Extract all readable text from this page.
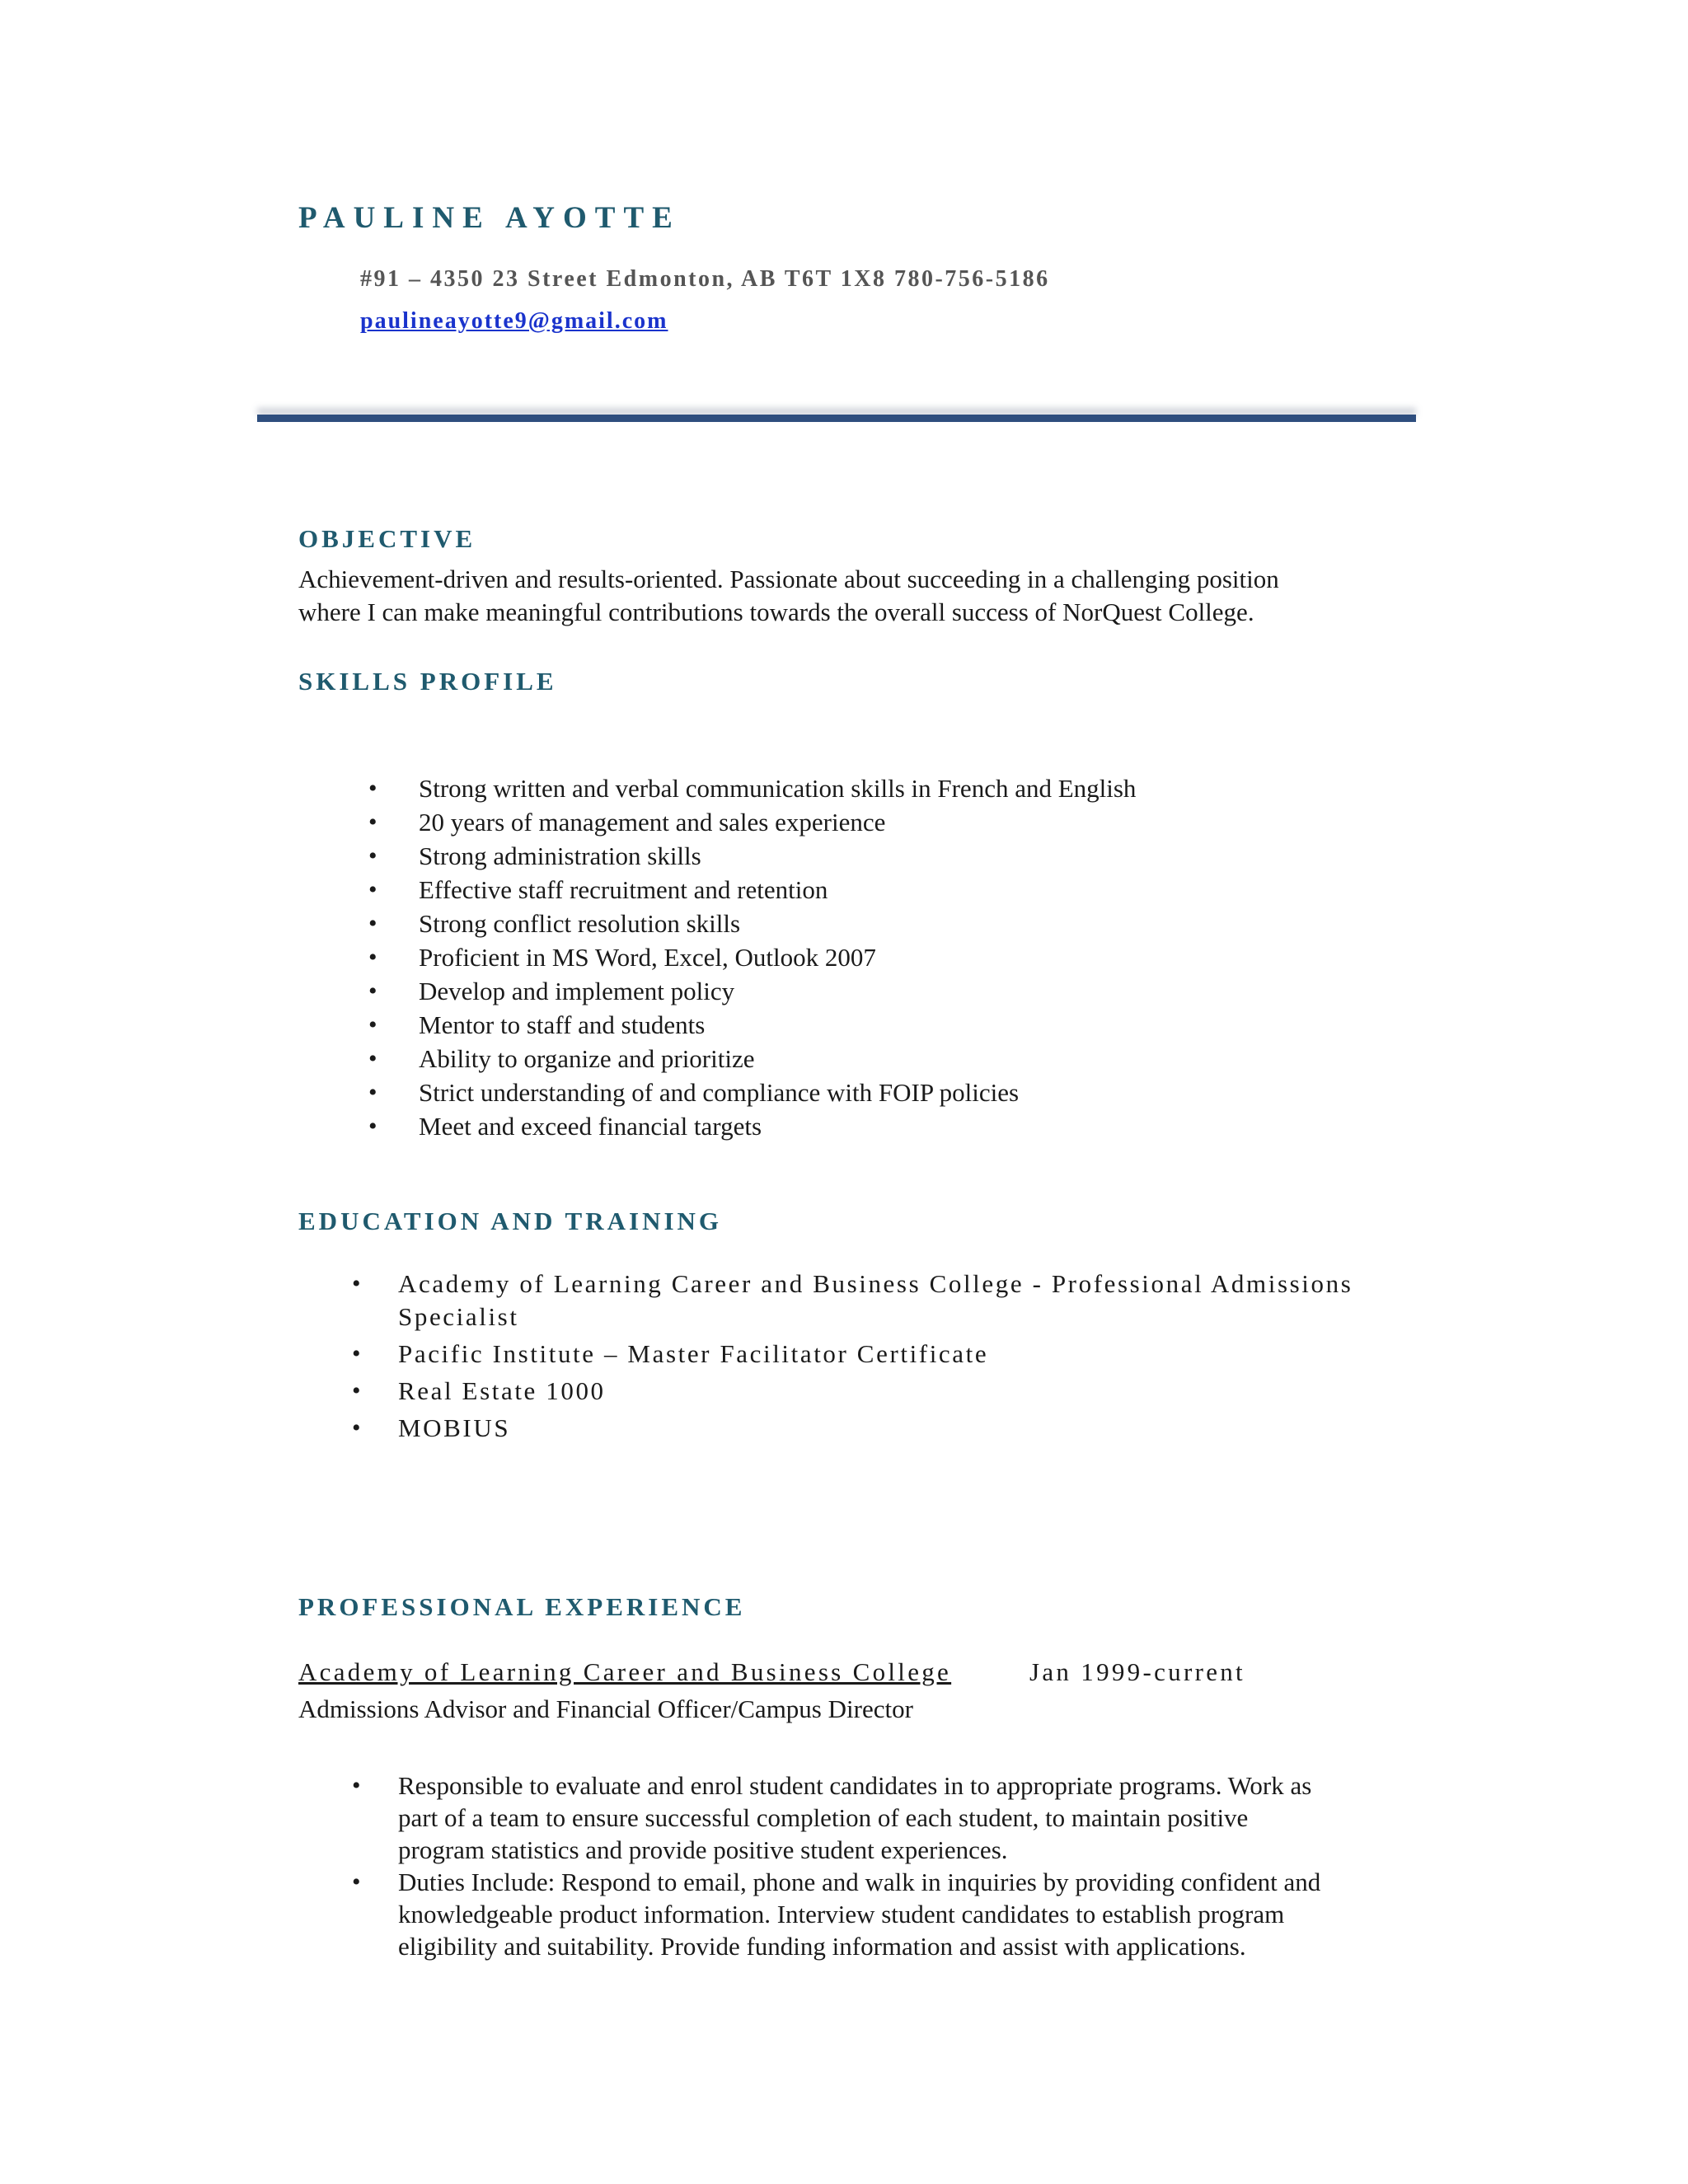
PAULINE AYOTTE
#91 – 4350 23 Street Edmonton, AB T6T 1X8 780-756-5186
paulineayotte9@gmail.com
OBJECTIVE

Achievement-driven and results-oriented. Passionate about succeeding in a challenging position

where I can make meaningful contributions towards the overall success of NorQuest College.

SKILLS PROFILE
• Strong written and verbal communication skills in French and English
• 20 years of management and sales experience
• Strong administration skills
• Effective staff recruitment and retention
• Strong conflict resolution skills
• Proficient in MS Word, Excel, Outlook 2007
• Develop and implement policy
• Mentor to staff and students
• Ability to organize and prioritize
• Strict understanding of and compliance with FOIP policies
• Meet and exceed financial targets
EDUCATION AND TRAINING
• Academy of Learning Career and Business College - Professional Admissions Specialist
• Pacific Institute – Master Facilitator Certificate
• Real Estate 1000
• MOBIUS
PROFESSIONAL EXPERIENCE
Academy of Learning Career and Business College	Jan 1999-current
Admissions Advisor and Financial Officer/Campus Director
• Responsible to evaluate and enrol student candidates in to appropriate programs. Work as
part of a team to ensure successful completion of each student, to maintain positive
program statistics and provide positive student experiences.
• Duties Include: Respond to email, phone and walk in inquiries by providing confident and
knowledgeable product information. Interview student candidates to establish program
eligibility and suitability. Provide funding information and assist with applications.
